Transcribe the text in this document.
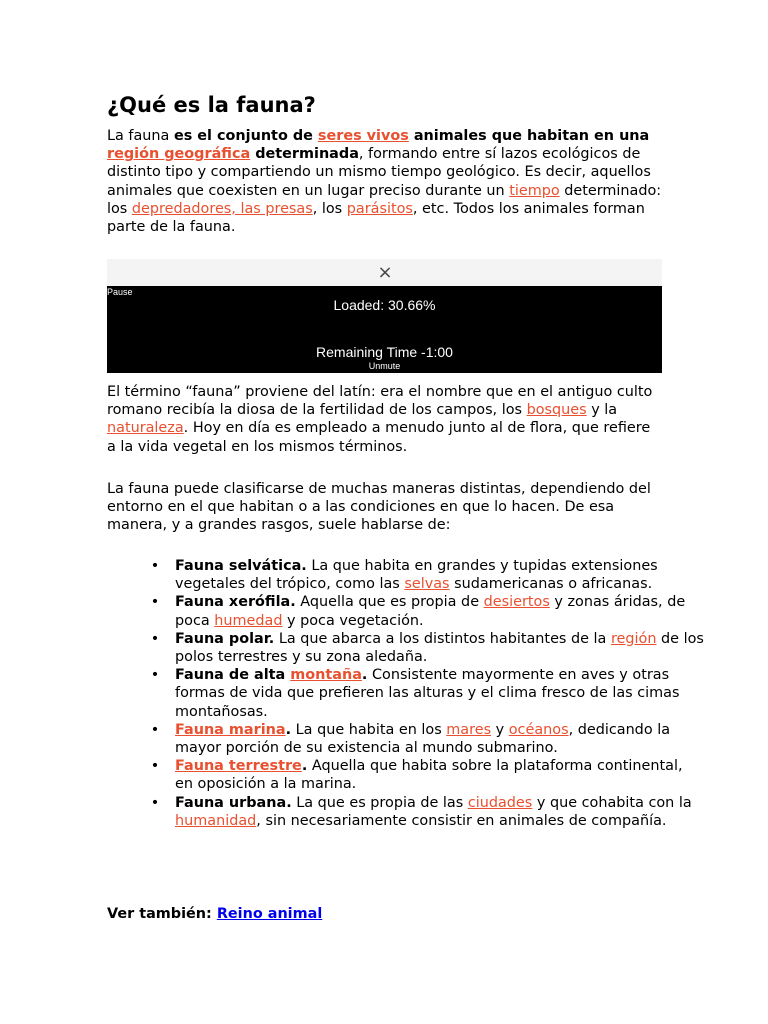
¿Qué es la fauna?

La fauna es el conjunto de seres vivos animales que habitan en una región geográfica determinada, formando entre sí lazos ecológicos de distinto tipo y compartiendo un mismo tiempo geológico. Es decir, aquellos animales que coexisten en un lugar preciso durante un tiempo determinado: los depredadores, las presas, los parásitos, etc. Todos los animales forman parte de la fauna.

×
Pause
Loaded: 30.66%
Remaining Time -1:00
Unmute

El término “fauna” proviene del latín: era el nombre que en el antiguo culto romano recibía la diosa de la fertilidad de los campos, los bosques y la naturaleza. Hoy en día es empleado a menudo junto al de flora, que refiere a la vida vegetal en los mismos términos.

La fauna puede clasificarse de muchas maneras distintas, dependiendo del entorno en el que habitan o a las condiciones en que lo hacen. De esa manera, y a grandes rasgos, suele hablarse de:

• Fauna selvática. La que habita en grandes y tupidas extensiones vegetales del trópico, como las selvas sudamericanas o africanas.
• Fauna xerófila. Aquella que es propia de desiertos y zonas áridas, de poca humedad y poca vegetación.
• Fauna polar. La que abarca a los distintos habitantes de la región de los polos terrestres y su zona aledaña.
• Fauna de alta montaña. Consistente mayormente en aves y otras formas de vida que prefieren las alturas y el clima fresco de las cimas montañosas.
• Fauna marina. La que habita en los mares y océanos, dedicando la mayor porción de su existencia al mundo submarino.
• Fauna terrestre. Aquella que habita sobre la plataforma continental, en oposición a la marina.
• Fauna urbana. La que es propia de las ciudades y que cohabita con la humanidad, sin necesariamente consistir en animales de compañía.

Ver también: Reino animal
